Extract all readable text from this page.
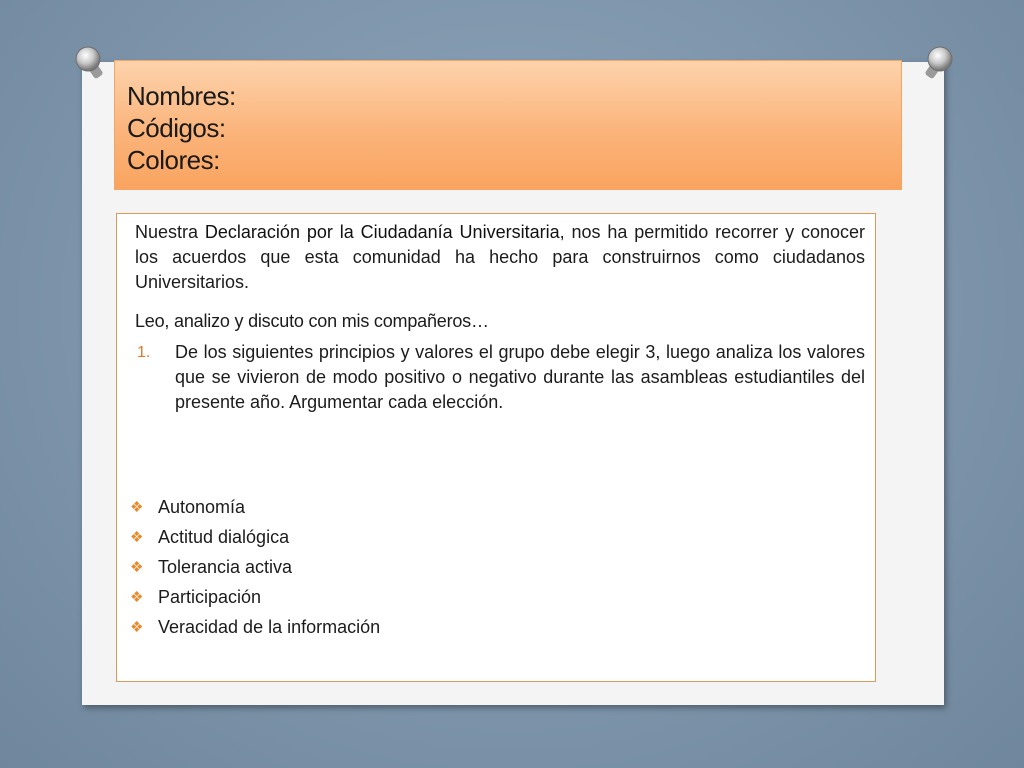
Nombres:
Códigos:
Colores:
Nuestra Declaración por la Ciudadanía Universitaria, nos ha permitido recorrer y conocer los acuerdos que esta comunidad ha hecho para construirnos como ciudadanos Universitarios.
Leo, analizo y discuto con mis compañeros…
1.	De los siguientes principios y valores el grupo debe elegir 3, luego analiza los valores que se vivieron de modo positivo o negativo durante las asambleas estudiantiles del presente año. Argumentar cada elección.
❖ Autonomía
❖ Actitud dialógica
❖ Tolerancia activa
❖ Participación
❖ Veracidad de la información
